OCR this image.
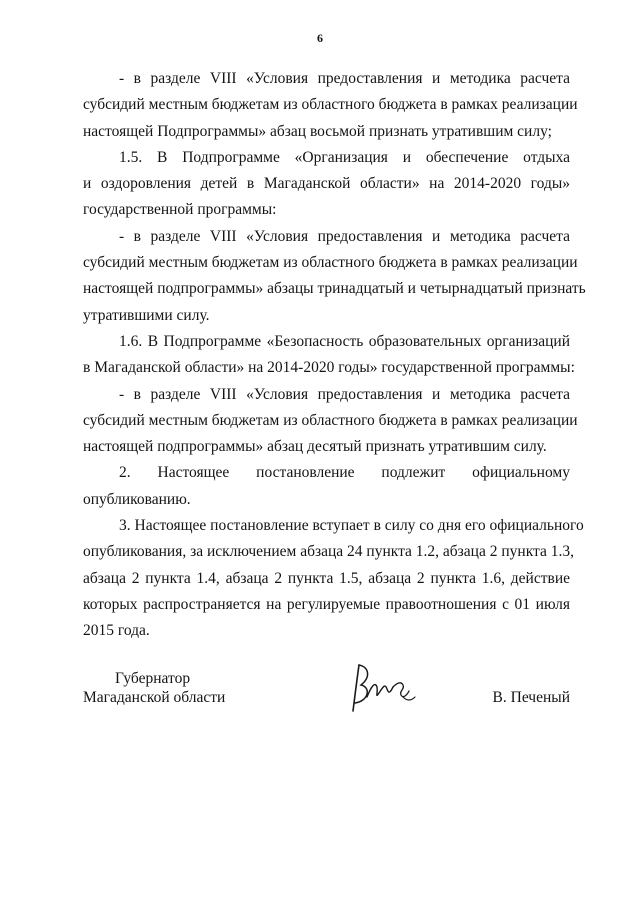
6

- в разделе VIII «Условия предоставления и методика расчета
субсидий местным бюджетам из областного бюджета в рамках реализации
настоящей Подпрограммы» абзац восьмой признать утратившим силу;

1.5. В Подпрограмме «Организация и обеспечение отдыха
и оздоровления детей в Магаданской области» на 2014-2020 годы»
государственной программы:

- в разделе VIII «Условия предоставления и методика расчета
субсидий местным бюджетам из областного бюджета в рамках реализации
настоящей подпрограммы» абзацы тринадцатый и четырнадцатый признать
утратившими силу.

1.6. В Подпрограмме «Безопасность образовательных организаций
в Магаданской области» на 2014-2020 годы» государственной программы:

- в разделе VIII «Условия предоставления и методика расчета
субсидий местным бюджетам из областного бюджета в рамках реализации
настоящей подпрограммы» абзац десятый признать утратившим силу.

2. Настоящее постановление подлежит официальному
опубликованию.

3. Настоящее постановление вступает в силу со дня его официального
опубликования, за исключением абзаца 24 пункта 1.2, абзаца 2 пункта 1.3,
абзаца 2 пункта 1.4, абзаца 2 пункта 1.5, абзаца 2 пункта 1.6, действие
которых распространяется на регулируемые правоотношения с 01 июля
2015 года.

Губернатор
Магаданской области	В. Печеный
